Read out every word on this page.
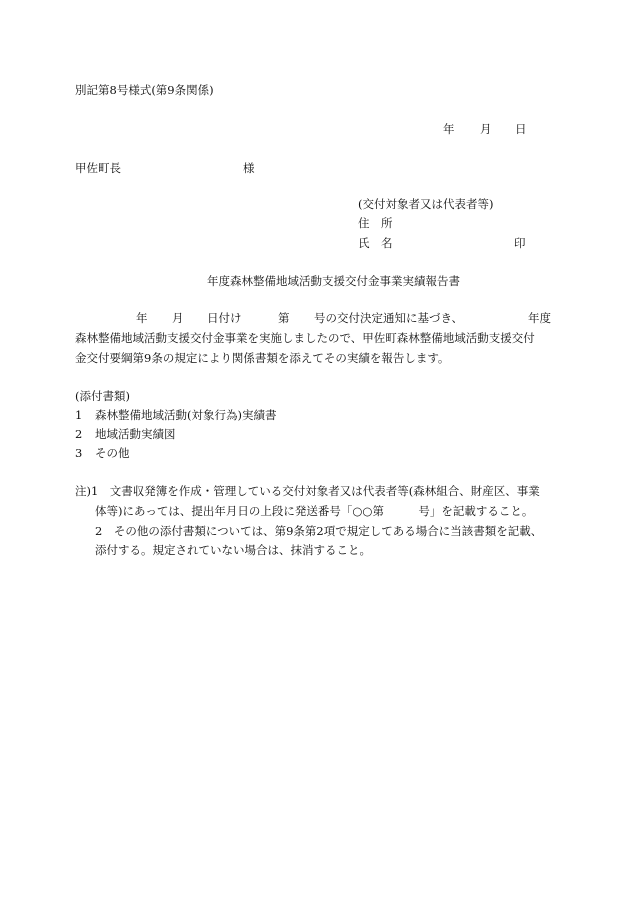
別記第8号様式(第9条関係)
年 月 日
甲佐町長	様
(交付対象者又は代表者等)
住　所
氏　名	印
年度森林整備地域活動支援交付金事業実績報告書
年 月 日付け	第 号の交付決定通知に基づき、	年度
森林整備地域活動支援交付金事業を実施しましたので、甲佐町森林整備地域活動支援交付
金交付要綱第9条の規定により関係書類を添えてその実績を報告します。
(添付書類)
1 森林整備地域活動(対象行為)実績書
2 地域活動実績図
3 その他
注)1　文書収発簿を作成・管理している交付対象者又は代表者等(森林組合、財産区、事業
体等)にあっては、提出年月日の上段に発送番号「○○第　　　号」を記載すること。
2　その他の添付書類については、第9条第2項で規定してある場合に当該書類を記載、
添付する。規定されていない場合は、抹消すること。
